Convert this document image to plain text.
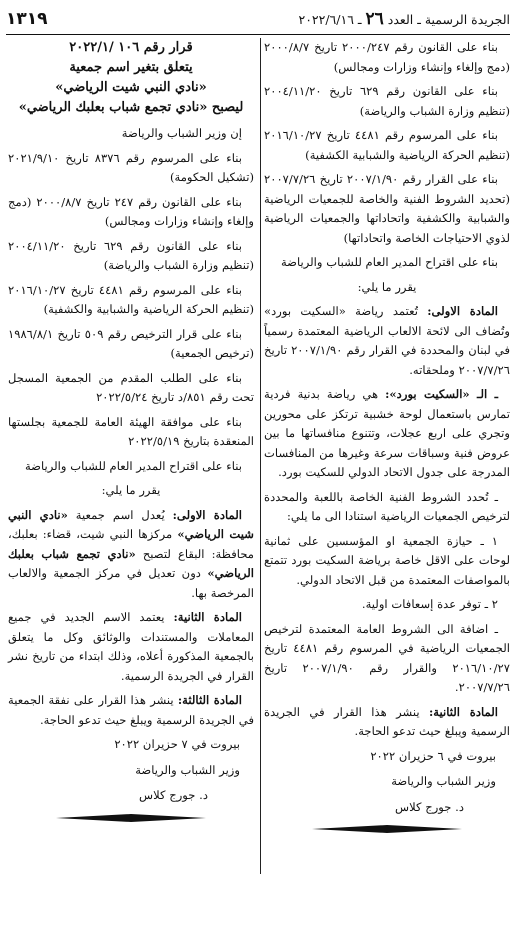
١٣١٩	الجريدة الرسمية ـ العدد ٢٦ ـ ٢٠٢٢/٦/١٦

بناء على القانون رقم ٢٠٠٠/٢٤٧ تاريخ ٢٠٠٠/٨/٧ (دمج وإلغاء وإنشاء وزارات ومجالس)

بناء على القانون رقم ٦٢٩ تاريخ ٢٠٠٤/١١/٢٠ (تنظيم وزارة الشباب والرياضة)

بناء على المرسوم رقم ٤٤٨١ تاريخ ٢٠١٦/١٠/٢٧ (تنظيم الحركة الرياضية والشبابية الكشفية)

بناء على القرار رقم ٢٠٠٧/١/٩٠ تاريخ ٢٠٠٧/٧/٢٦ (تحديد الشروط الفنية والخاصة للجمعيات الرياضية والشبابية والكشفية واتحاداتها والجمعيات الرياضية لذوي الاحتياجات الخاصة واتحاداتها)

بناء على اقتراح المدير العام للشباب والرياضة

يقرر ما يلي:

المادة الاولى: تُعتمد رياضة «السكيت بورد» وتُضاف الى لائحة الالعاب الرياضية المعتمدة رسمياً في لبنان والمحددة في القرار رقم ٢٠٠٧/١/٩٠ تاريخ ٢٠٠٧/٧/٢٦ وملحقاته.

ـ الـ «السكيت بورد»: هي رياضة بدنية فردية تمارس باستعمال لوحة خشبية ترتكز على محورين وتجري على اربع عجلات، وتتنوع منافساتها ما بين عروض فنية وسباقات سرعة وغيرها من المنافسات المدرجة على جدول الاتحاد الدولي للسكيت بورد.

ـ تُحدد الشروط الفنية الخاصة باللعبة والمحددة لترخيص الجمعيات الرياضية استنادا الى ما يلي:

١ ـ حيازة الجمعية او المؤسسين على ثمانية لوحات على الاقل خاصة برياضة السكيت بورد تتمتع بالمواصفات المعتمدة من قبل الاتحاد الدولي.

٢ ـ توفر عدة إسعافات اولية.

ـ اضافة الى الشروط العامة المعتمدة لترخيص الجمعيات الرياضية في المرسوم رقم ٤٤٨١ تاريخ ٢٠١٦/١٠/٢٧ والقرار رقم ٢٠٠٧/١/٩٠ تاريخ ٢٠٠٧/٧/٢٦.

المادة الثانية: ينشر هذا القرار في الجريدة الرسمية ويبلغ حيث تدعو الحاجة.

بيروت في ٦ حزيران ٢٠٢٢

وزير الشباب والرياضة

د. جورج كلاس

قرار رقم ١٠٦ /٢٠٢٢/١

يتعلق بتغير اسم جمعية

«نادي النبي شيت الرياضي»

ليصبح «نادي تجمع شباب بعلبك الرياضي»

إن وزير الشباب والرياضة

بناء على المرسوم رقم ٨٣٧٦ تاريخ ٢٠٢١/٩/١٠ (تشكيل الحكومة)

بناء على القانون رقم ٢٤٧ تاريخ ٢٠٠٠/٨/٧ (دمج وإلغاء وإنشاء وزارات ومجالس)

بناء على القانون رقم ٦٢٩ تاريخ ٢٠٠٤/١١/٢٠ (تنظيم وزارة الشباب والرياضة)

بناء على المرسوم رقم ٤٤٨١ تاريخ ٢٠١٦/١٠/٢٧ (تنظيم الحركة الرياضية والشبابية والكشفية)

بناء على قرار الترخيص رقم ٥٠٩ تاريخ ١٩٨٦/٨/١ (ترخيص الجمعية)

بناء على الطلب المقدم من الجمعية المسجل تحت رقم ٨٥١/د تاريخ ٢٠٢٢/٥/٢٤

بناء على موافقة الهيئة العامة للجمعية بجلستها المنعقدة بتاريخ ٢٠٢٢/٥/١٩

بناء على اقتراح المدير العام للشباب والرياضة

يقرر ما يلي:

المادة الاولى: يُعدل اسم جمعية «نادي النبي شيت الرياضي» مركزها النبي شيت، قضاء: بعلبك، محافظة: البقاع لتصبح «نادي تجمع شباب بعلبك الرياضي» دون تعديل في مركز الجمعية والالعاب المرخصة بها.

المادة الثانية: يعتمد الاسم الجديد في جميع المعاملات والمستندات والوثائق وكل ما يتعلق بالجمعية المذكورة أعلاه، وذلك ابتداء من تاريخ نشر القرار في الجريدة الرسمية.

المادة الثالثة: ينشر هذا القرار على نفقة الجمعية في الجريدة الرسمية ويبلغ حيث تدعو الحاجة.

بيروت في ٧ حزيران ٢٠٢٢

وزير الشباب والرياضة

د. جورج كلاس
